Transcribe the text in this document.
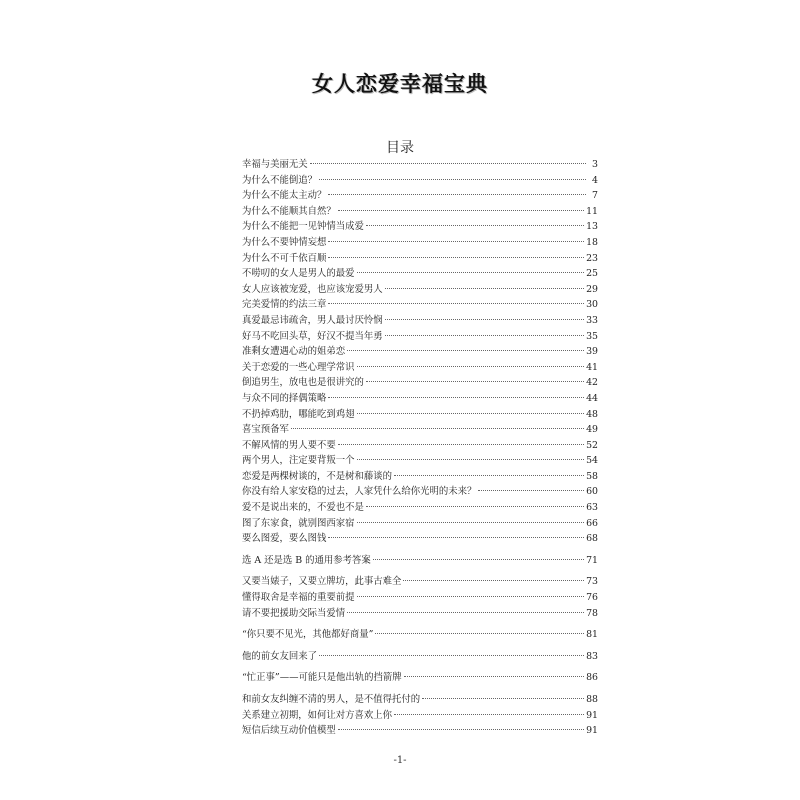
女人恋爱幸福宝典
目录
幸福与美丽无关	3
为什么不能倒追？	4
为什么不能太主动？	7
为什么不能顺其自然？	11
为什么不能把一见钟情当成爱	13
为什么不要钟情妄想	18
为什么不可千依百顺	23
不唠叨的女人是男人的最爱	25
女人应该被宠爱，也应该宠爱男人	29
完美爱情的约法三章	30
真爱最忌讳疏舍，男人最讨厌怜悯	33
好马不吃回头草，好汉不提当年勇	35
准剩女遭遇心动的姐弟恋	39
关于恋爱的一些心理学常识	41
倒追男生，放电也是很讲究的	42
与众不同的择偶策略	44
不扔掉鸡肋，哪能吃到鸡翅	48
喜宝预备军	49
不解风情的男人要不要	52
两个男人，注定要背叛一个	54
恋爱是两棵树谈的，不是树和藤谈的	58
你没有给人家安稳的过去，人家凭什么给你光明的未来？	60
爱不是说出来的，不爱也不是	63
图了东家食，就别图西家宿	66
要么图爱，要么图钱	68
选 A 还是选 B 的通用参考答案	71
又要当婊子，又要立牌坊，此事古难全	73
懂得取舍是幸福的重要前提	76
请不要把援助交际当爱情	78
“你只要不见光，其他都好商量”	81
他的前女友回来了	83
“忙正事”——可能只是他出轨的挡箭牌	86
和前女友纠缠不清的男人，是不值得托付的	88
关系建立初期，如何让对方喜欢上你	91
短信后续互动价值模型	91
-1-
